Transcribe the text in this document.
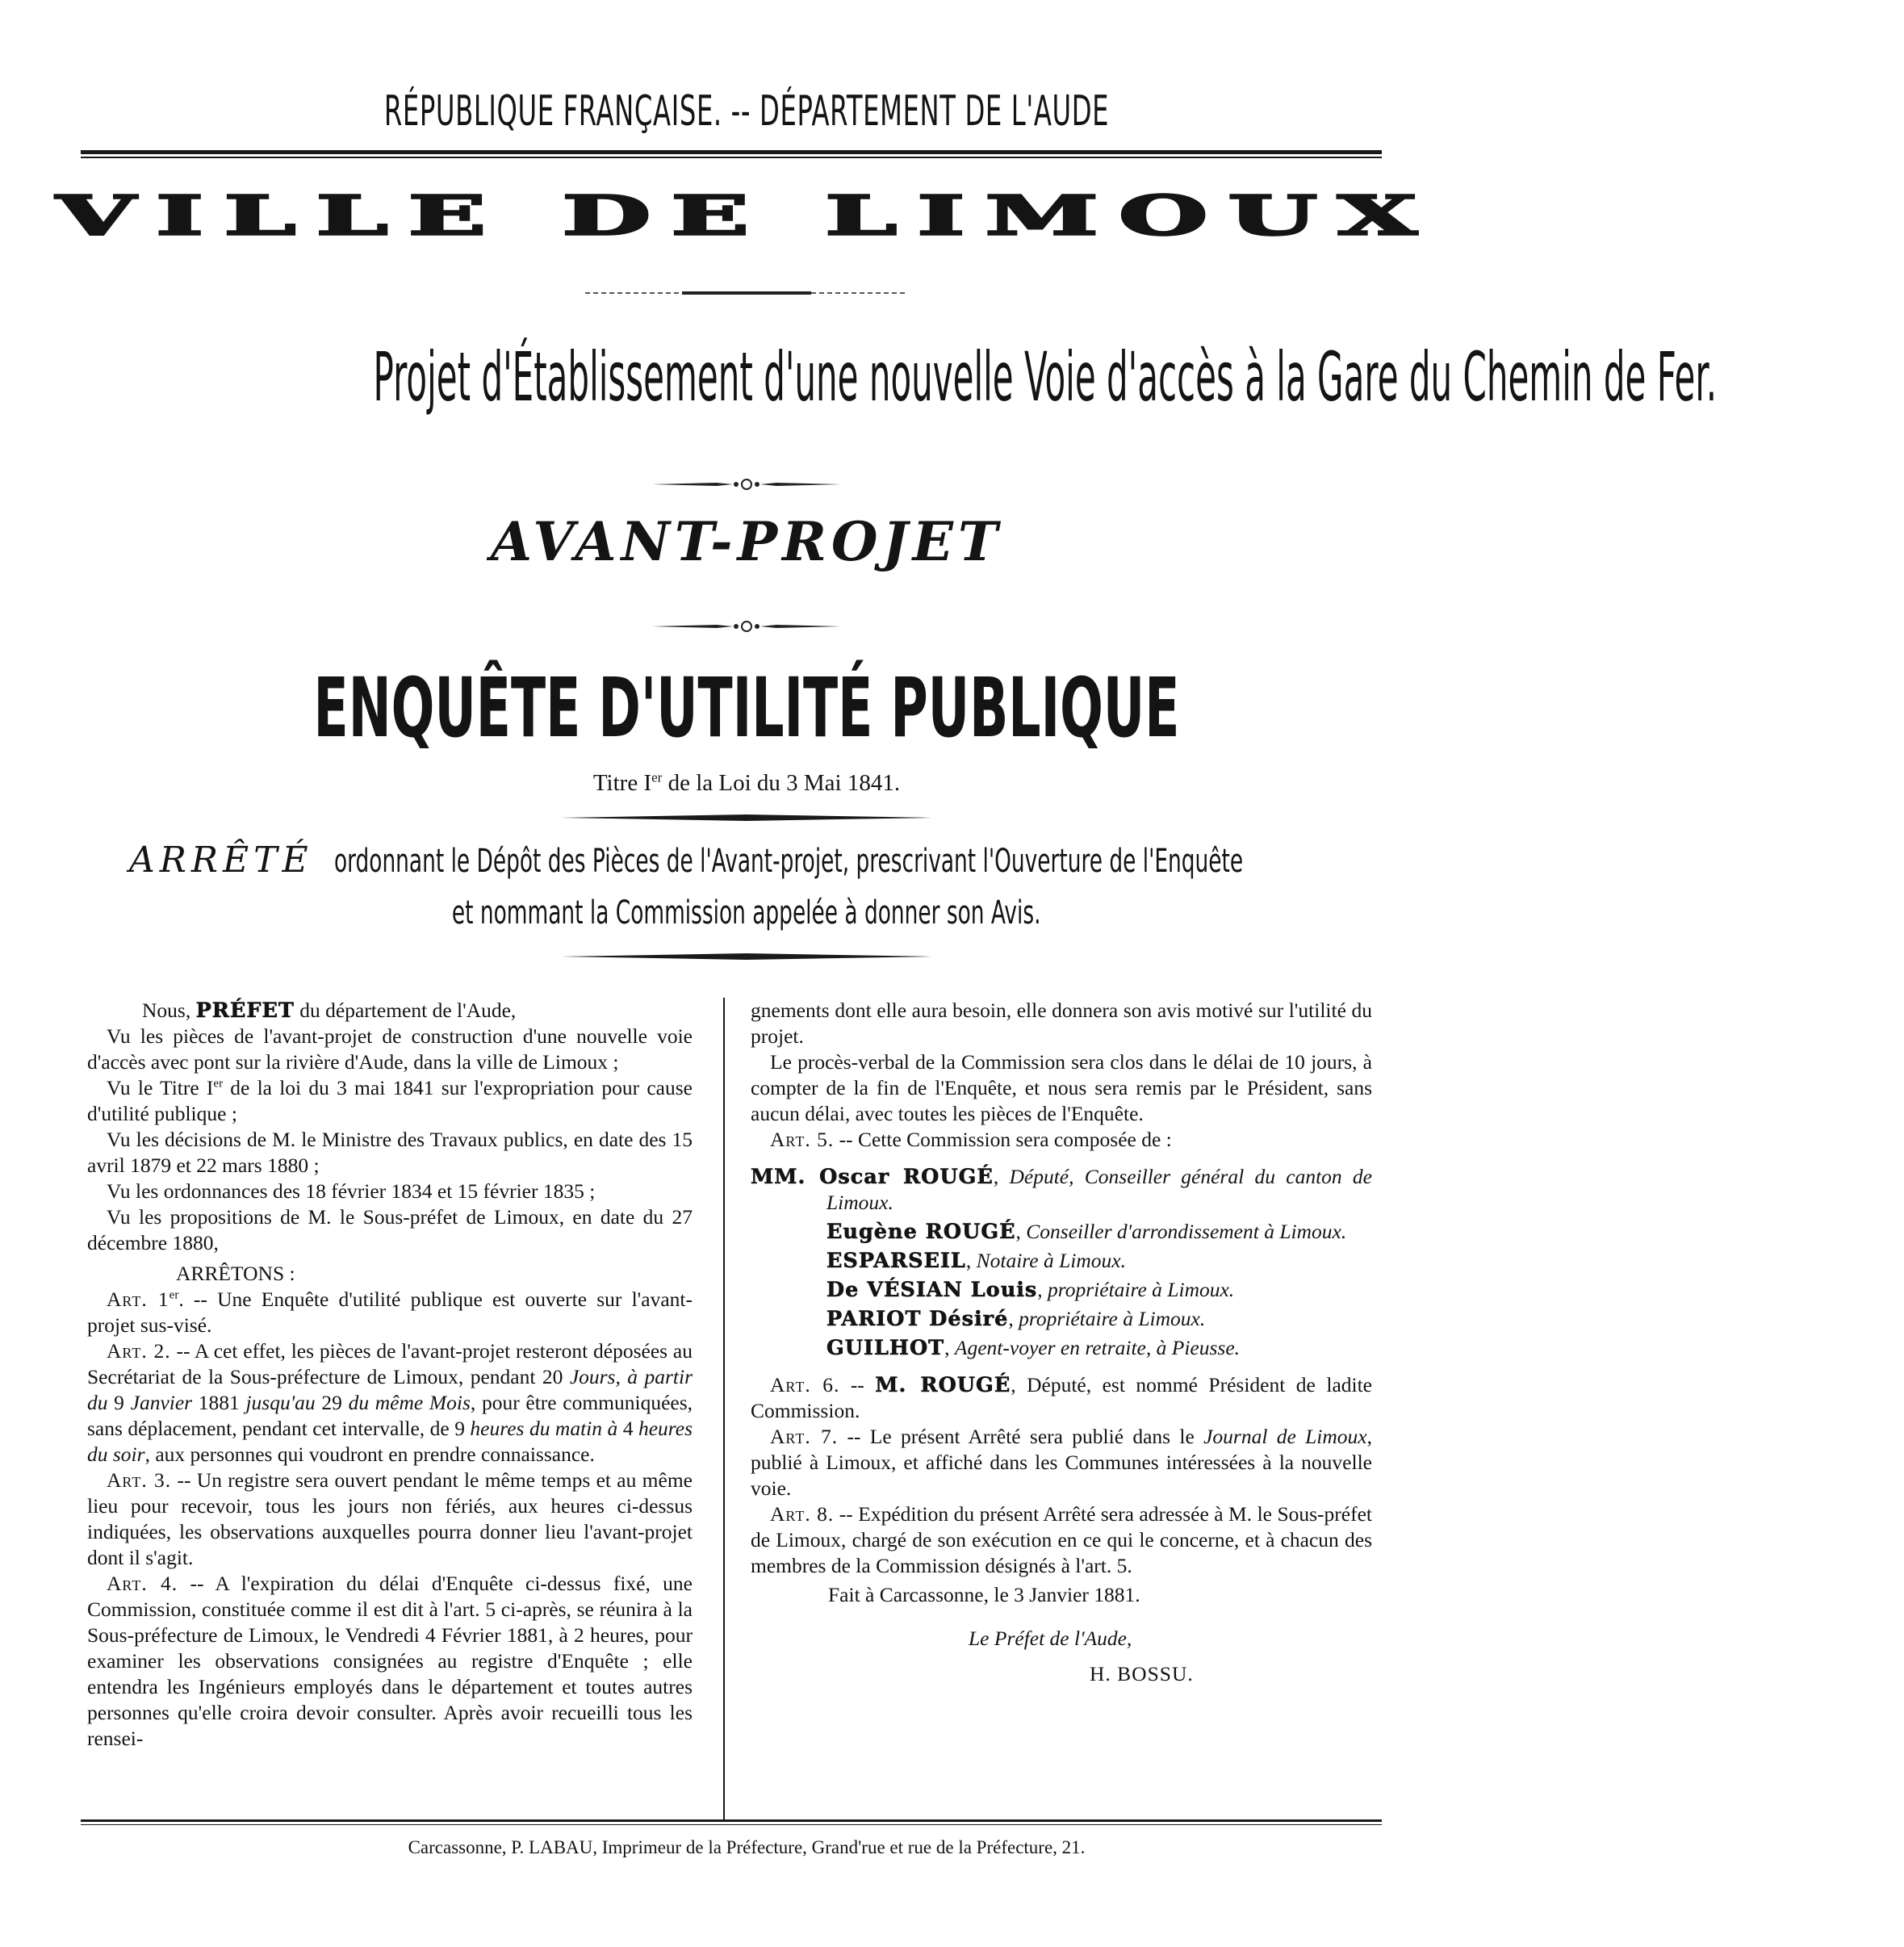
RÉPUBLIQUE FRANÇAISE. -- DÉPARTEMENT DE L'AUDE
VILLE DE LIMOUX
Projet d'Établissement d'une nouvelle Voie d'accès à la Gare du Chemin de Fer.
AVANT-PROJET
ENQUÊTE D'UTILITÉ PUBLIQUE
Titre Ier de la Loi du 3 Mai 1841.
ARRÊTÉ ordonnant le Dépôt des Pièces de l'Avant-projet, prescrivant l'Ouverture de l'Enquête
et nommant la Commission appelée à donner son Avis.

Nous, PRÉFET du département de l'Aude,

Vu les pièces de l'avant-projet de construction d'une nouvelle voie d'accès avec pont sur la rivière d'Aude, dans la ville de Limoux ;

Vu le Titre Ier de la loi du 3 mai 1841 sur l'expropriation pour cause d'utilité publique ;

Vu les décisions de M. le Ministre des Travaux publics, en date des 15 avril 1879 et 22 mars 1880 ;

Vu les ordonnances des 18 février 1834 et 15 février 1835 ;

Vu les propositions de M. le Sous-préfet de Limoux, en date du 27 décembre 1880,

ARRÊTONS :

Art. 1er. -- Une Enquête d'utilité publique est ouverte sur l'avant-projet sus-visé.

Art. 2. -- A cet effet, les pièces de l'avant-projet resteront déposées au Secrétariat de la Sous-préfecture de Limoux, pendant 20 Jours, à partir du 9 Janvier 1881 jusqu'au 29 du même Mois, pour être communiquées, sans déplacement, pendant cet intervalle, de 9 heures du matin à 4 heures du soir, aux personnes qui voudront en prendre connaissance.

Art. 3. -- Un registre sera ouvert pendant le même temps et au même lieu pour recevoir, tous les jours non fériés, aux heures ci-dessus indiquées, les observations auxquelles pourra donner lieu l'avant-projet dont il s'agit.

Art. 4. -- A l'expiration du délai d'Enquête ci-dessus fixé, une Commission, constituée comme il est dit à l'art. 5 ci-après, se réunira à la Sous-préfecture de Limoux, le Vendredi 4 Février 1881, à 2 heures, pour examiner les observations consignées au registre d'Enquête ; elle entendra les Ingénieurs employés dans le département et toutes autres personnes qu'elle croira devoir consulter. Après avoir recueilli tous les rensei-

gnements dont elle aura besoin, elle donnera son avis motivé sur l'utilité du projet.

Le procès-verbal de la Commission sera clos dans le délai de 10 jours, à compter de la fin de l'Enquête, et nous sera remis par le Président, sans aucun délai, avec toutes les pièces de l'Enquête.

Art. 5. -- Cette Commission sera composée de :

MM. Oscar ROUGÉ, Député, Conseiller général du canton de Limoux.

Eugène ROUGÉ, Conseiller d'arrondissement à Limoux.

ESPARSEIL, Notaire à Limoux.

De VÉSIAN Louis, propriétaire à Limoux.

PARIOT Désiré, propriétaire à Limoux.

GUILHOT, Agent-voyer en retraite, à Pieusse.

Art. 6. -- M. ROUGÉ, Député, est nommé Président de ladite Commission.

Art. 7. -- Le présent Arrêté sera publié dans le Journal de Limoux, publié à Limoux, et affiché dans les Communes intéressées à la nouvelle voie.

Art. 8. -- Expédition du présent Arrêté sera adressée à M. le Sous-préfet de Limoux, chargé de son exécution en ce qui le concerne, et à chacun des membres de la Commission désignés à l'art. 5.

Fait à Carcassonne, le 3 Janvier 1881.

Le Préfet de l'Aude,

H. BOSSU.

Carcassonne, P. LABAU, Imprimeur de la Préfecture, Grand'rue et rue de la Préfecture, 21.
